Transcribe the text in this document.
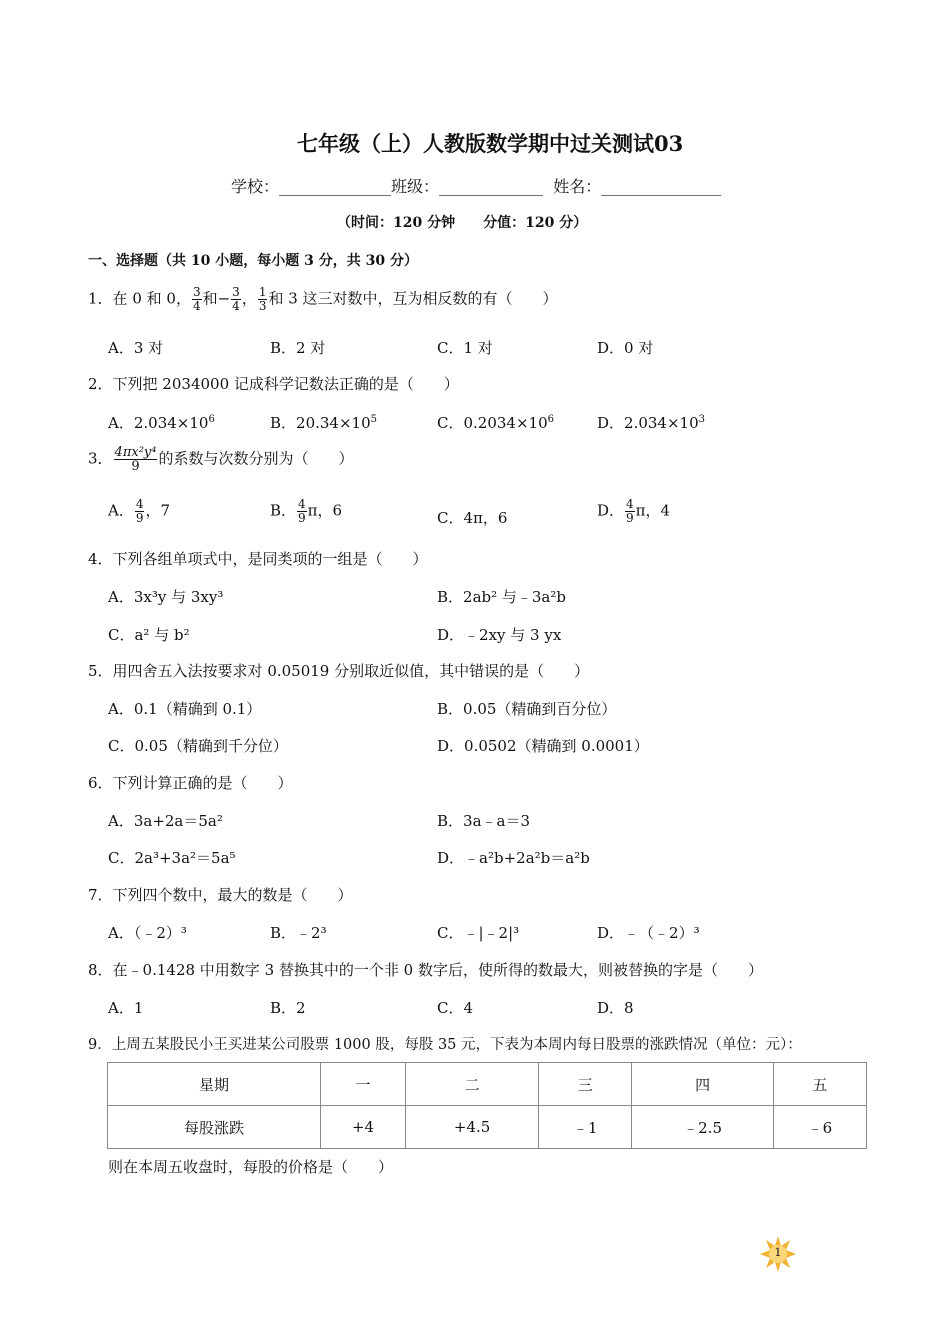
七年级（上）人教版数学期中过关测试03
学校：______________班级：_____________ 姓名：_______________
（时间：120 分钟　　分值：120 分）
一、选择题（共 10 小题，每小题 3 分，共 30 分）
1．在 0 和 0， $\frac{3}{4}$ 和− $\frac{3}{4}$ ， $\frac{1}{3}$ 和 3 这三对数中，互为相反数的有（　　）
A．3 对	B．2 对	C．1 对	D．0 对
2．下列把 2034000 记成科学记数法正确的是（　　）
A．$2.034\times 10^6$	B．$20.34\times 10^5$	C．$0.2034\times 10^6$	D．$2.034\times 10^3$
3． $\frac{\text{4πx²y⁴}}{9}$ 的系数与次数分别为（　　）
A． $\frac{4}{9}$ ，7	B． $\frac{4}{9}$ π，6	C．4π，6	D． $\frac{4}{9}$ π，4
4．下列各组单项式中，是同类项的一组是（　　）
A．3x³y 与 3xy³	B．2ab² 与﹣3a²b
C．a² 与 b²	D．﹣2xy 与 3 yx
5．用四舍五入法按要求对 0.05019 分别取近似值，其中错误的是（　　）
A．0.1（精确到 0.1）	B．0.05（精确到百分位）
C．0.05（精确到千分位）	D．0.0502（精确到 0.0001）
6．下列计算正确的是（　　）
A．3a+2a＝5a²	B．3a﹣a＝3
C．2a³+3a²＝5a⁵	D．﹣a²b+2a²b＝a²b
7．下列四个数中，最大的数是（　　）
A．（﹣2）³	B．﹣2³	C．﹣|﹣2|³	D．﹣（﹣2）³
8．在﹣0.1428 中用数字 3 替换其中的一个非 0 数字后，使所得的数最大，则被替换的字是（　　）
A．1	B．2	C．4	D．8
9．上周五某股民小王买进某公司股票 1000 股，每股 35 元，下表为本周内每日股票的涨跌情况（单位：元）：
星期	一	二	三	四	五
每股涨跌	+4	+4.5	﹣1	﹣2.5	﹣6
则在本周五收盘时，每股的价格是（　　）
1
